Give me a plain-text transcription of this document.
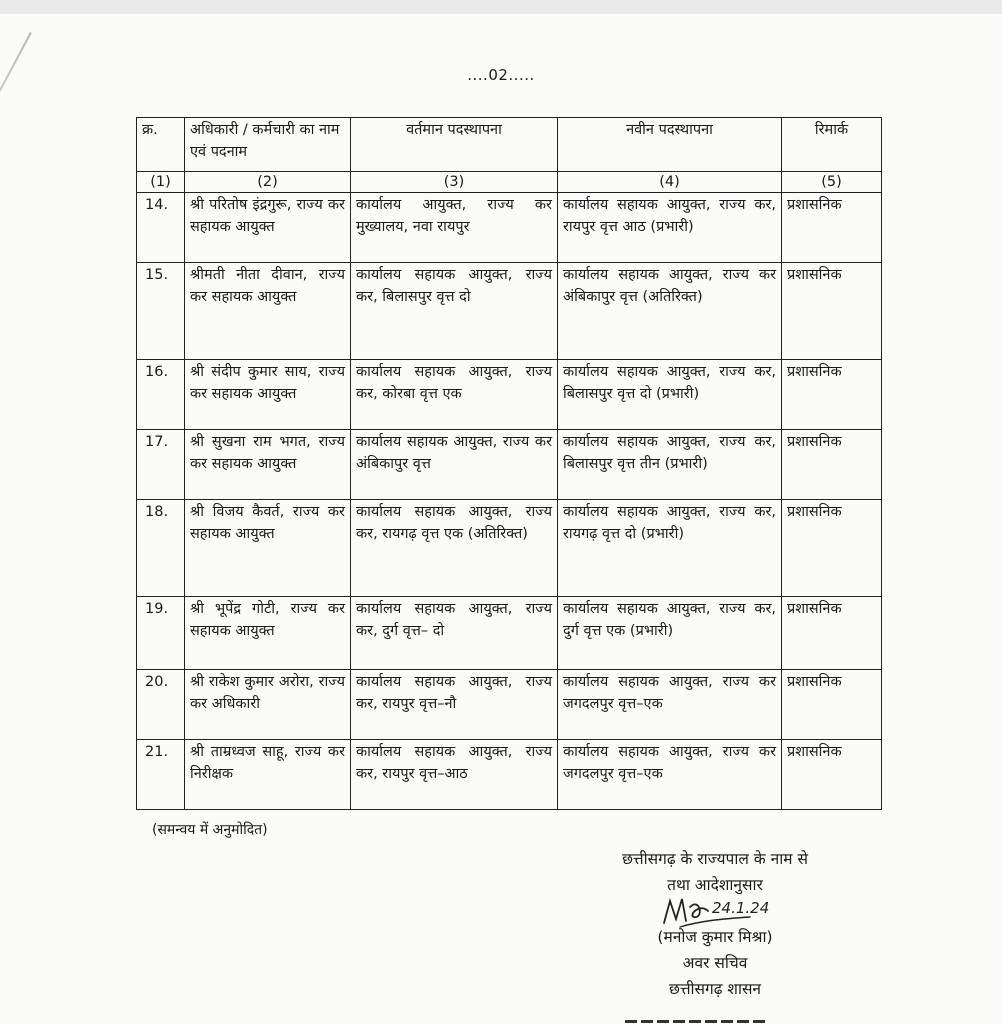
....02.....
क्र.	अधिकारी / कर्मचारी का नाम एवं पदनाम	वर्तमान पदस्थापना	नवीन पदस्थापना	रिमार्क
(1)	(2)	(3)	(4)	(5)
14.	श्री परितोष इंद्रगुरू, राज्य कर सहायक आयुक्त	कार्यालय आयुक्त, राज्य कर मुख्यालय, नवा रायपुर	कार्यालय सहायक आयुक्त, राज्य कर, रायपुर वृत्त आठ (प्रभारी)	प्रशासनिक
15.	श्रीमती नीता दीवान, राज्य कर सहायक आयुक्त	कार्यालय सहायक आयुक्त, राज्य कर, बिलासपुर वृत्त दो	कार्यालय सहायक आयुक्त, राज्य कर अंबिकापुर वृत्त (अतिरिक्त)	प्रशासनिक
16.	श्री संदीप कुमार साय, राज्य कर सहायक आयुक्त	कार्यालय सहायक आयुक्त, राज्य कर, कोरबा वृत्त एक	कार्यालय सहायक आयुक्त, राज्य कर, बिलासपुर वृत्त दो (प्रभारी)	प्रशासनिक
17.	श्री सुखना राम भगत, राज्य कर सहायक आयुक्त	कार्यालय सहायक आयुक्त, राज्य कर अंबिकापुर वृत्त	कार्यालय सहायक आयुक्त, राज्य कर, बिलासपुर वृत्त तीन (प्रभारी)	प्रशासनिक
18.	श्री विजय कैवर्त, राज्य कर सहायक आयुक्त	कार्यालय सहायक आयुक्त, राज्य कर, रायगढ़ वृत्त एक (अतिरिक्त)	कार्यालय सहायक आयुक्त, राज्य कर, रायगढ़ वृत्त दो (प्रभारी)	प्रशासनिक
19.	श्री भूपेंद्र गोटी, राज्य कर सहायक आयुक्त	कार्यालय सहायक आयुक्त, राज्य कर, दुर्ग वृत्त– दो	कार्यालय सहायक आयुक्त, राज्य कर, दुर्ग वृत्त एक (प्रभारी)	प्रशासनिक
20.	श्री राकेश कुमार अरोरा, राज्य कर अधिकारी	कार्यालय सहायक आयुक्त, राज्य कर, रायपुर वृत्त–नौ	कार्यालय सहायक आयुक्त, राज्य कर जगदलपुर वृत्त–एक	प्रशासनिक
21.	श्री ताम्रध्वज साहू, राज्य कर निरीक्षक	कार्यालय सहायक आयुक्त, राज्य कर, रायपुर वृत्त–आठ	कार्यालय सहायक आयुक्त, राज्य कर जगदलपुर वृत्त–एक	प्रशासनिक
(समन्वय में अनुमोदित)
छत्तीसगढ़ के राज्यपाल के नाम से
तथा आदेशानुसार
(मनोज कुमार मिश्रा)
अवर सचिव
छत्तीसगढ़ शासन
24.1.24
